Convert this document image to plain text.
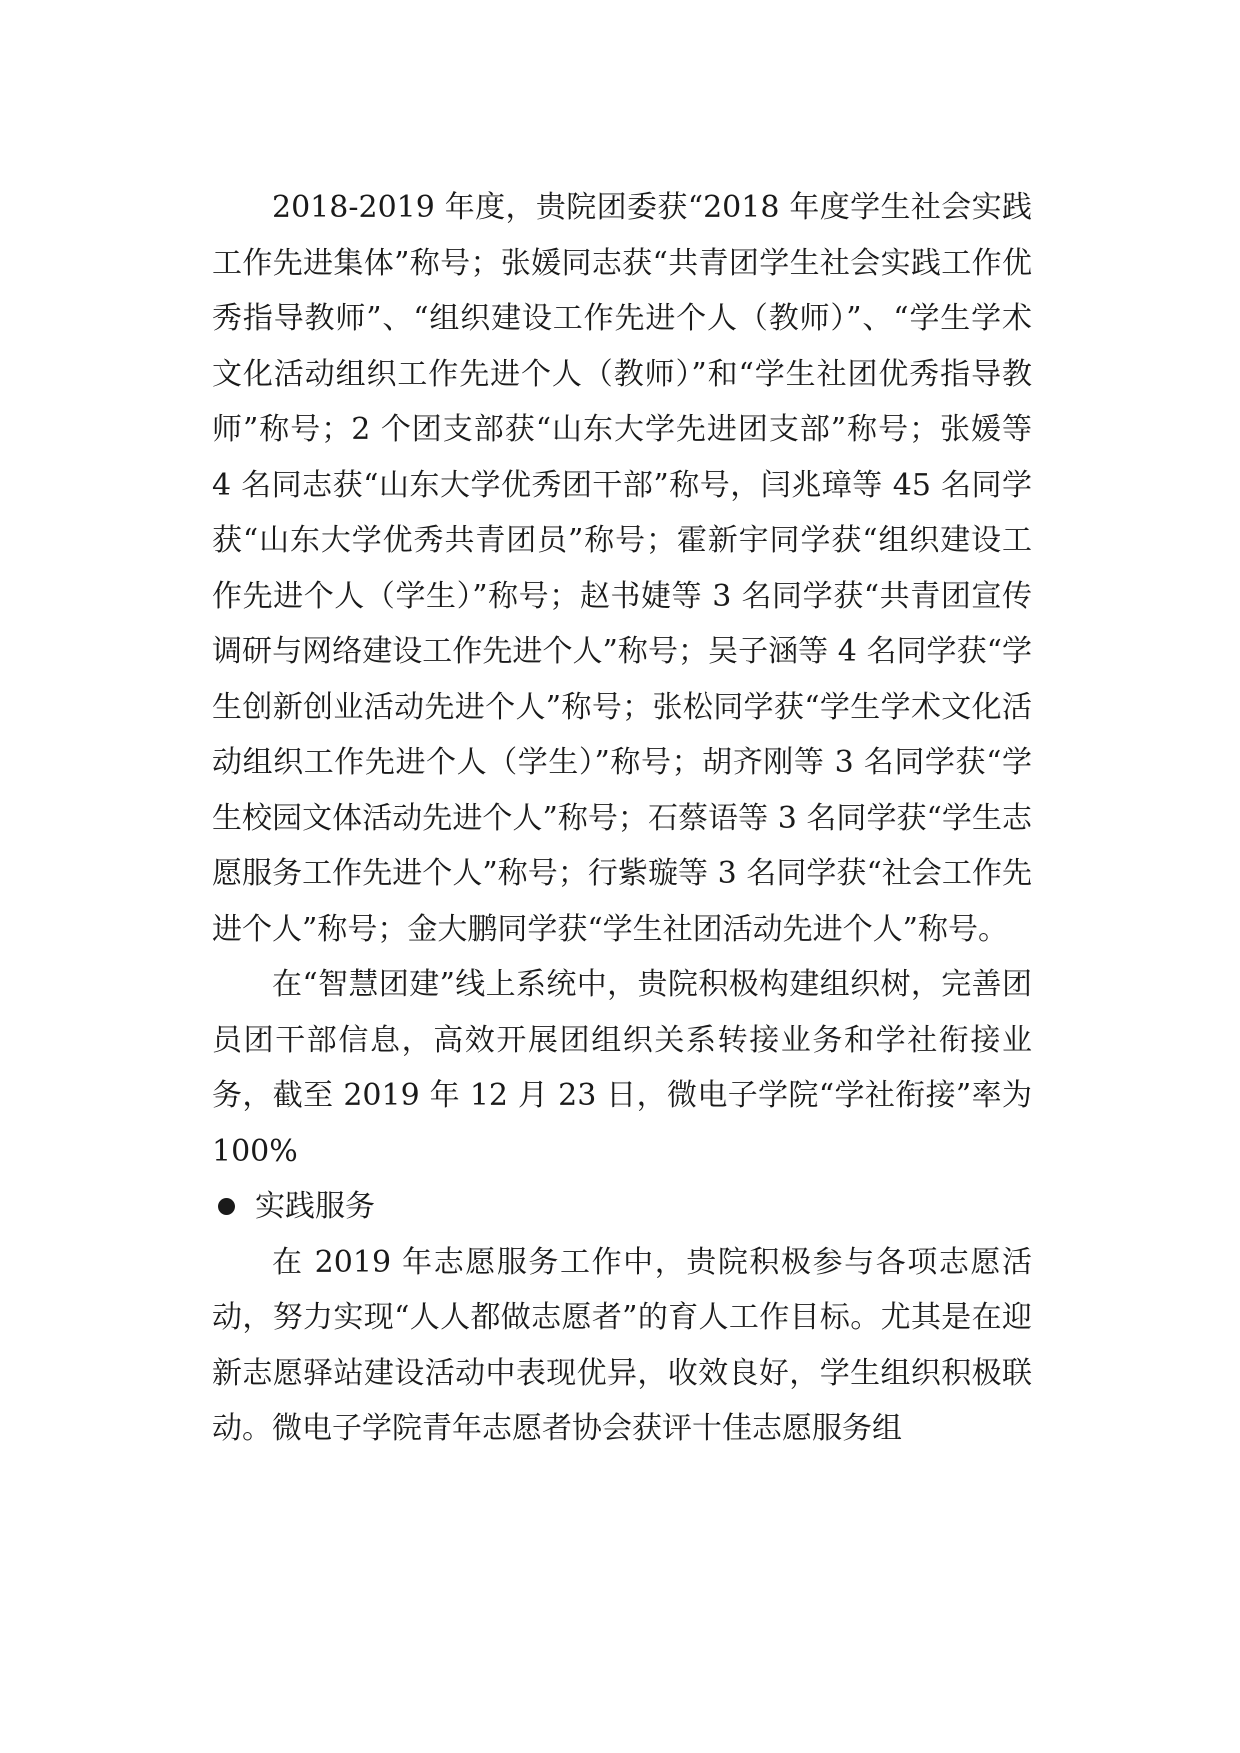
2018-2019 年度，贵院团委获“2018 年度学生社会实践工作先进集体”称号；张媛同志获“共青团学生社会实践工作优秀指导教师”、“组织建设工作先进个人（教师）”、“学生学术文化活动组织工作先进个人（教师）”和“学生社团优秀指导教师”称号；2 个团支部获“山东大学先进团支部”称号；张媛等 4 名同志获“山东大学优秀团干部”称号，闫兆璋等 45 名同学获“山东大学优秀共青团员”称号；霍新宇同学获“组织建设工作先进个人（学生）”称号；赵书婕等 3 名同学获“共青团宣传调研与网络建设工作先进个人”称号；吴子涵等 4 名同学获“学生创新创业活动先进个人”称号；张松同学获“学生学术文化活动组织工作先进个人（学生）”称号；胡齐刚等 3 名同学获“学生校园文体活动先进个人”称号；石蔡语等 3 名同学获“学生志愿服务工作先进个人”称号；行紫璇等 3 名同学获“社会工作先进个人”称号；金大鹏同学获“学生社团活动先进个人”称号。

在“智慧团建”线上系统中，贵院积极构建组织树，完善团员团干部信息，高效开展团组织关系转接业务和学社衔接业务，截至 2019 年 12 月 23 日，微电子学院“学社衔接”率为 100%

实践服务

在 2019 年志愿服务工作中，贵院积极参与各项志愿活动，努力实现“人人都做志愿者”的育人工作目标。尤其是在迎新志愿驿站建设活动中表现优异，收效良好，学生组织积极联动。微电子学院青年志愿者协会获评十佳志愿服务组
